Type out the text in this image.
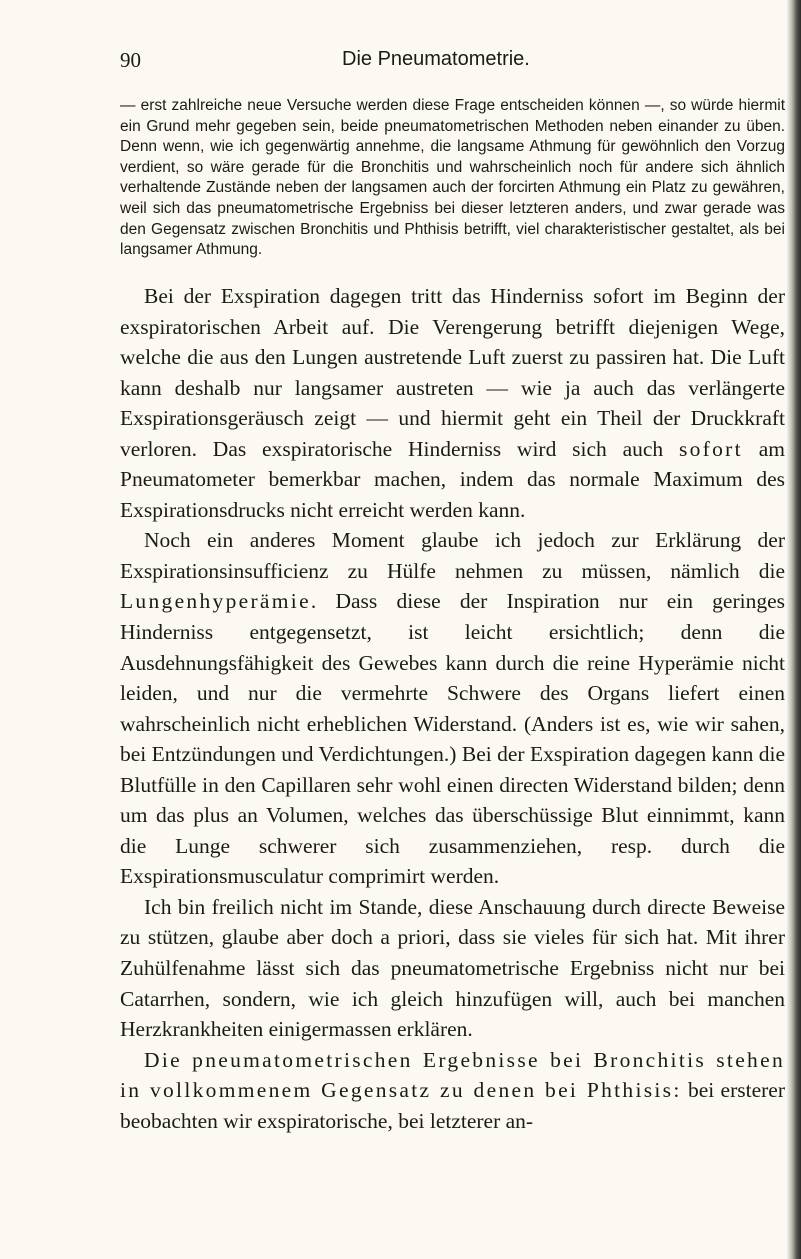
90	Die Pneumatometrie.

— erst zahlreiche neue Versuche werden diese Frage entscheiden können —, so würde hiermit ein Grund mehr gegeben sein, beide pneumatometrischen Methoden neben einander zu üben. Denn wenn, wie ich gegenwärtig annehme, die langsame Athmung für gewöhnlich den Vorzug verdient, so wäre gerade für die Bronchitis und wahrscheinlich noch für andere sich ähnlich verhaltende Zustände neben der langsamen auch der forcirten Athmung ein Platz zu gewähren, weil sich das pneumatometrische Ergebniss bei dieser letzteren anders, und zwar gerade was den Gegensatz zwischen Bronchitis und Phthisis betrifft, viel charakteristischer gestaltet, als bei langsamer Athmung.

Bei der Exspiration dagegen tritt das Hinderniss sofort im Beginn der exspiratorischen Arbeit auf. Die Verengerung betrifft diejenigen Wege, welche die aus den Lungen austretende Luft zuerst zu passiren hat. Die Luft kann deshalb nur langsamer austreten — wie ja auch das verlängerte Exspirationsgeräusch zeigt — und hiermit geht ein Theil der Druckkraft verloren. Das exspiratorische Hinderniss wird sich auch sofort am Pneumatometer bemerkbar machen, indem das normale Maximum des Exspirationsdrucks nicht erreicht werden kann.

Noch ein anderes Moment glaube ich jedoch zur Erklärung der Exspirationsinsufficienz zu Hülfe nehmen zu müssen, nämlich die Lungenhyperämie. Dass diese der Inspiration nur ein geringes Hinderniss entgegensetzt, ist leicht ersichtlich; denn die Ausdehnungsfähigkeit des Gewebes kann durch die reine Hyperämie nicht leiden, und nur die vermehrte Schwere des Organs liefert einen wahrscheinlich nicht erheblichen Widerstand. (Anders ist es, wie wir sahen, bei Entzündungen und Verdichtungen.) Bei der Exspiration dagegen kann die Blutfülle in den Capillaren sehr wohl einen directen Widerstand bilden; denn um das plus an Volumen, welches das überschüssige Blut einnimmt, kann die Lunge schwerer sich zusammenziehen, resp. durch die Exspirationsmusculatur comprimirt werden.

Ich bin freilich nicht im Stande, diese Anschauung durch directe Beweise zu stützen, glaube aber doch a priori, dass sie vieles für sich hat. Mit ihrer Zuhülfenahme lässt sich das pneumatometrische Ergebniss nicht nur bei Catarrhen, sondern, wie ich gleich hinzufügen will, auch bei manchen Herzkrankheiten einigermassen erklären.

Die pneumatometrischen Ergebnisse bei Bronchitis stehen in vollkommenem Gegensatz zu denen bei Phthisis: bei ersterer beobachten wir exspiratorische, bei letzterer an-
